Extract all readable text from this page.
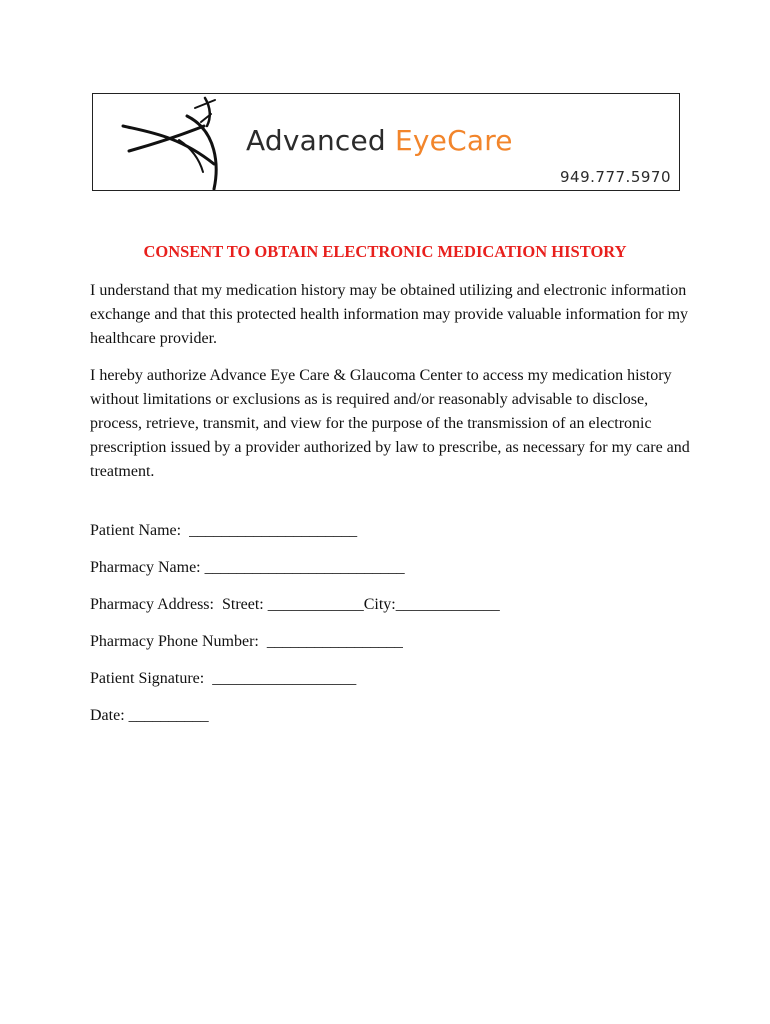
Advanced EyeCare
949.777.5970
CONSENT TO OBTAIN ELECTRONIC MEDICATION HISTORY

I understand that my medication history may be obtained utilizing and electronic information exchange and that this protected health information may provide valuable information for my healthcare provider.

I hereby authorize Advance Eye Care & Glaucoma Center to access my medication history without limitations or exclusions as is required and/or reasonably advisable to disclose, process, retrieve, transmit, and view for the purpose of the transmission of an electronic prescription issued by a provider authorized by law to prescribe, as necessary for my care and treatment.

Patient Name:  _____________________
Pharmacy Name: _________________________
Pharmacy Address:  Street: ____________City:_____________
Pharmacy Phone Number:  _________________
Patient Signature:  __________________
Date: __________
